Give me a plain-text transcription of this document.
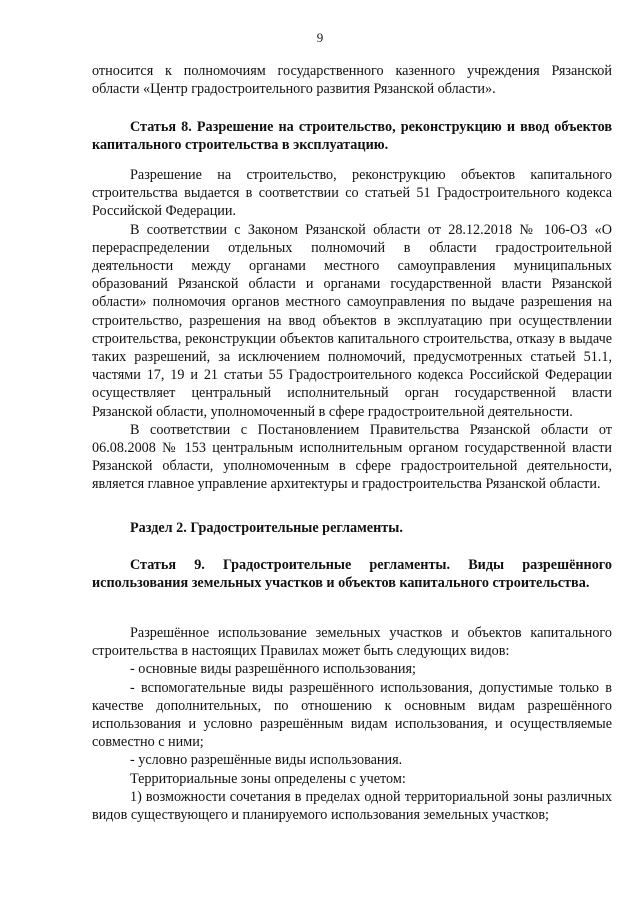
9

относится к полномочиям государственного казенного учреждения Рязанской области «Центр градостроительного развития Рязанской области».

Статья 8. Разрешение на строительство, реконструкцию и ввод объектов капитального строительства в эксплуатацию.

Разрешение на строительство, реконструкцию объектов капитального строительства выдается в соответствии со статьей 51 Градостроительного кодекса Российской Федерации.

В соответствии с Законом Рязанской области от 28.12.2018 № 106-ОЗ «О перераспределении отдельных полномочий в области градостроительной деятельности между органами местного самоуправления муниципальных образований Рязанской области и органами государственной власти Рязанской области» полномочия органов местного самоуправления по выдаче разрешения на строительство, разрешения на ввод объектов в эксплуатацию при осуществлении строительства, реконструкции объектов капитального строительства, отказу в выдаче таких разрешений, за исключением полномочий, предусмотренных статьей 51.1, частями 17, 19 и 21 статьи 55 Градостроительного кодекса Российской Федерации осуществляет центральный исполнительный орган государственной власти Рязанской области, уполномоченный в сфере градостроительной деятельности.

В соответствии с Постановлением Правительства Рязанской области от 06.08.2008 № 153 центральным исполнительным органом государственной власти Рязанской области, уполномоченным в сфере градостроительной деятельности, является главное управление архитектуры и градостроительства Рязанской области.

Раздел 2. Градостроительные регламенты.

Статья 9. Градостроительные регламенты. Виды разрешённого использования земельных участков и объектов капитального строительства.

Разрешённое использование земельных участков и объектов капитального строительства в настоящих Правилах может быть следующих видов:

- основные виды разрешённого использования;

- вспомогательные виды разрешённого использования, допустимые только в качестве дополнительных, по отношению к основным видам разрешённого использования и условно разрешённым видам использования, и осуществляемые совместно с ними;

- условно разрешённые виды использования.

Территориальные зоны определены с учетом:

1) возможности сочетания в пределах одной территориальной зоны различных видов существующего и планируемого использования земельных участков;
